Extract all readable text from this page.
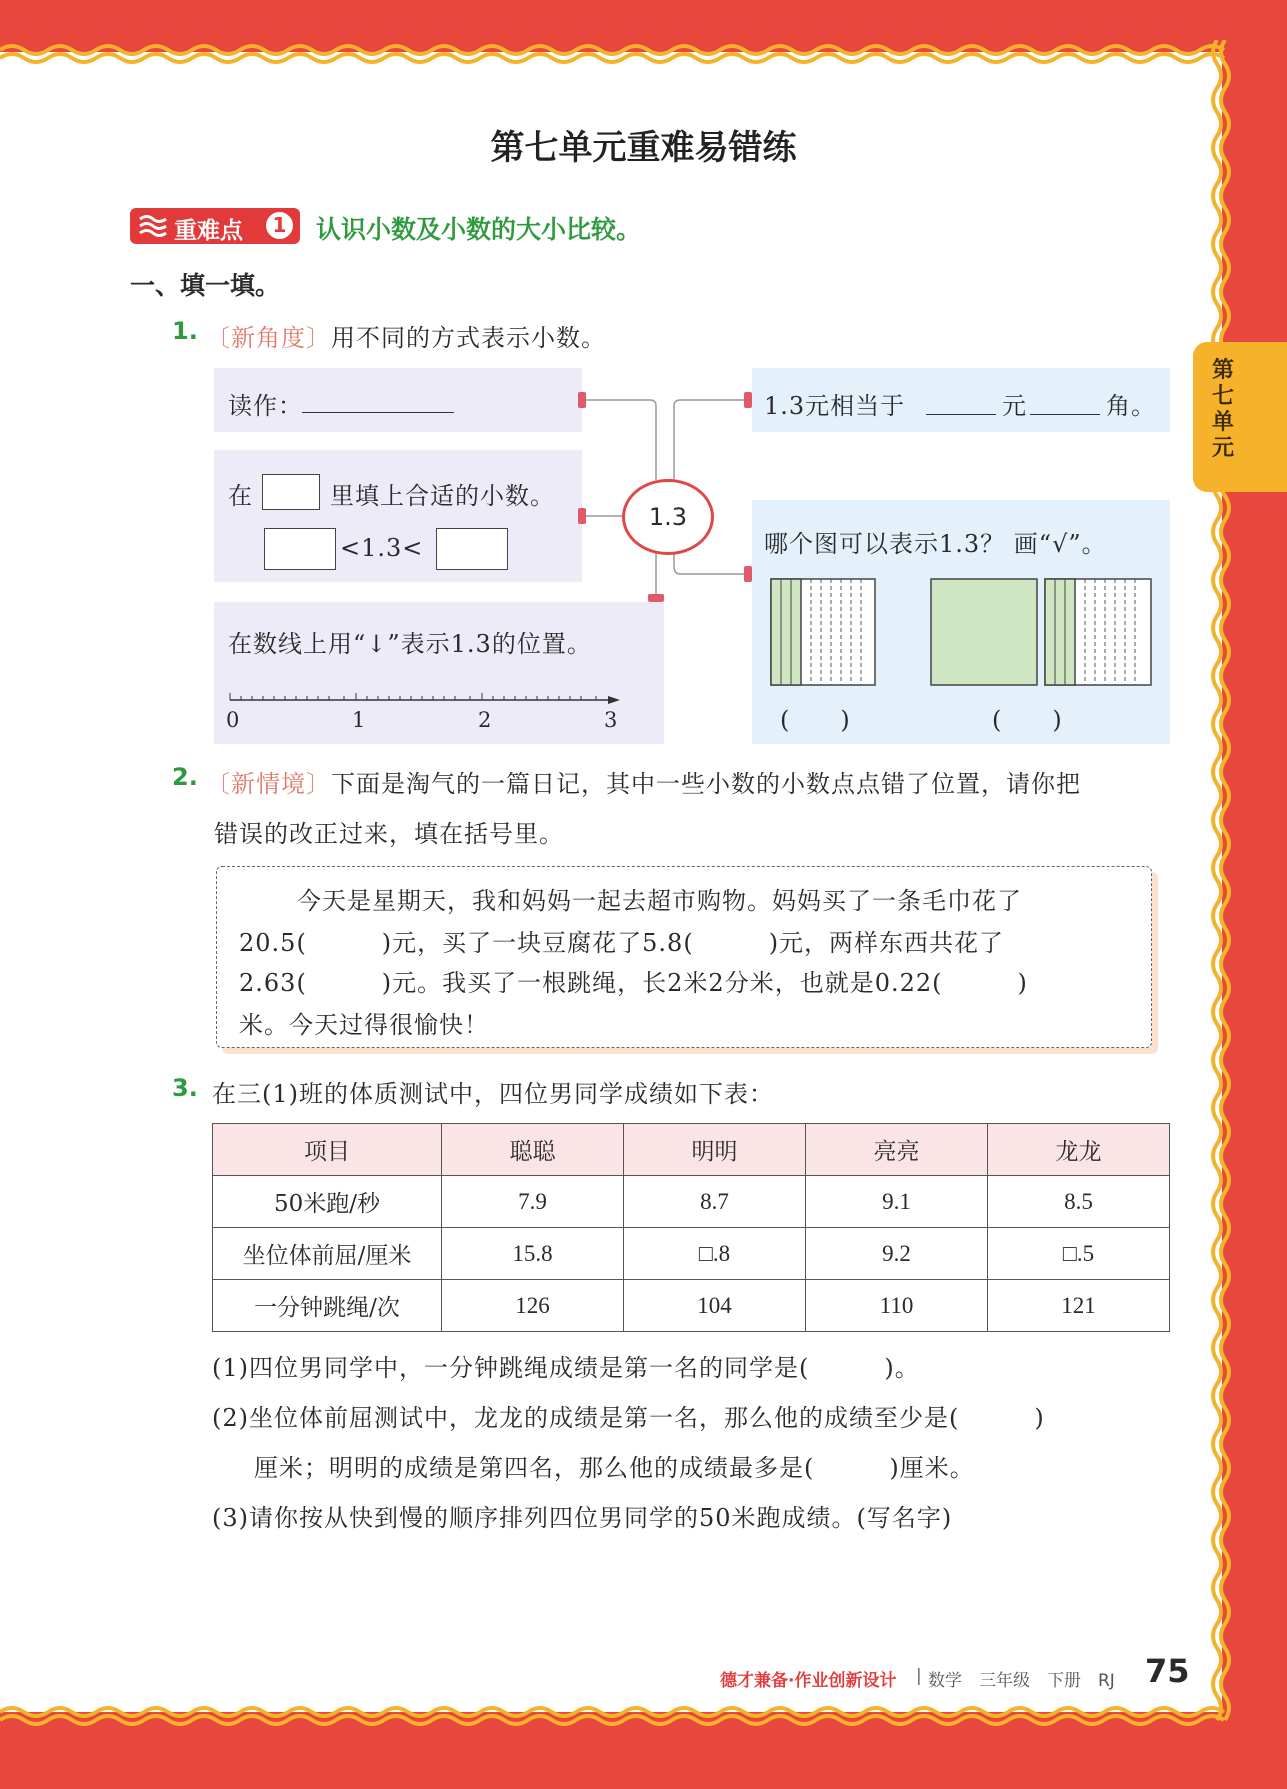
第七单元
第七单元重难易错练
重难点	1 认识小数及小数的大小比较。
一、填一填。
1. 〔新角度〕用不同的方式表示小数。
读作：
在	里填上合适的小数。
<1.3<
在数线上用“↓”表示1.3的位置。
0	1	2	3
1.3
1.3元相当于	元	角。
哪个图可以表示1.3？ 画“√”。
(　　)	(　　)
2. 〔新情境〕下面是淘气的一篇日记，其中一些小数的小数点点错了位置，请你把
错误的改正过来，填在括号里。
今天是星期天，我和妈妈一起去超市购物。妈妈买了一条毛巾花了
20.5(　　　)元，买了一块豆腐花了5.8(　　　)元，两样东西共花了
2.63(　　　)元。我买了一根跳绳，长2米2分米，也就是0.22(　　　)
米。今天过得很愉快！
3. 在三(1)班的体质测试中，四位男同学成绩如下表：
项目	聪聪	明明	亮亮	龙龙
50米跑/秒	7.9	8.7	9.1	8.5
坐位体前屈/厘米	15.8	□.8	9.2	□.5
一分钟跳绳/次	126	104	110	121
(1)四位男同学中，一分钟跳绳成绩是第一名的同学是(　　　)。
(2)坐位体前屈测试中，龙龙的成绩是第一名，那么他的成绩至少是(　　　)
厘米；明明的成绩是第四名，那么他的成绩最多是(　　　)厘米。
(3)请你按从快到慢的顺序排列四位男同学的50米跑成绩。(写名字)
德才兼备·作业创新设计 | 数学　三年级　下册　RJ 75
